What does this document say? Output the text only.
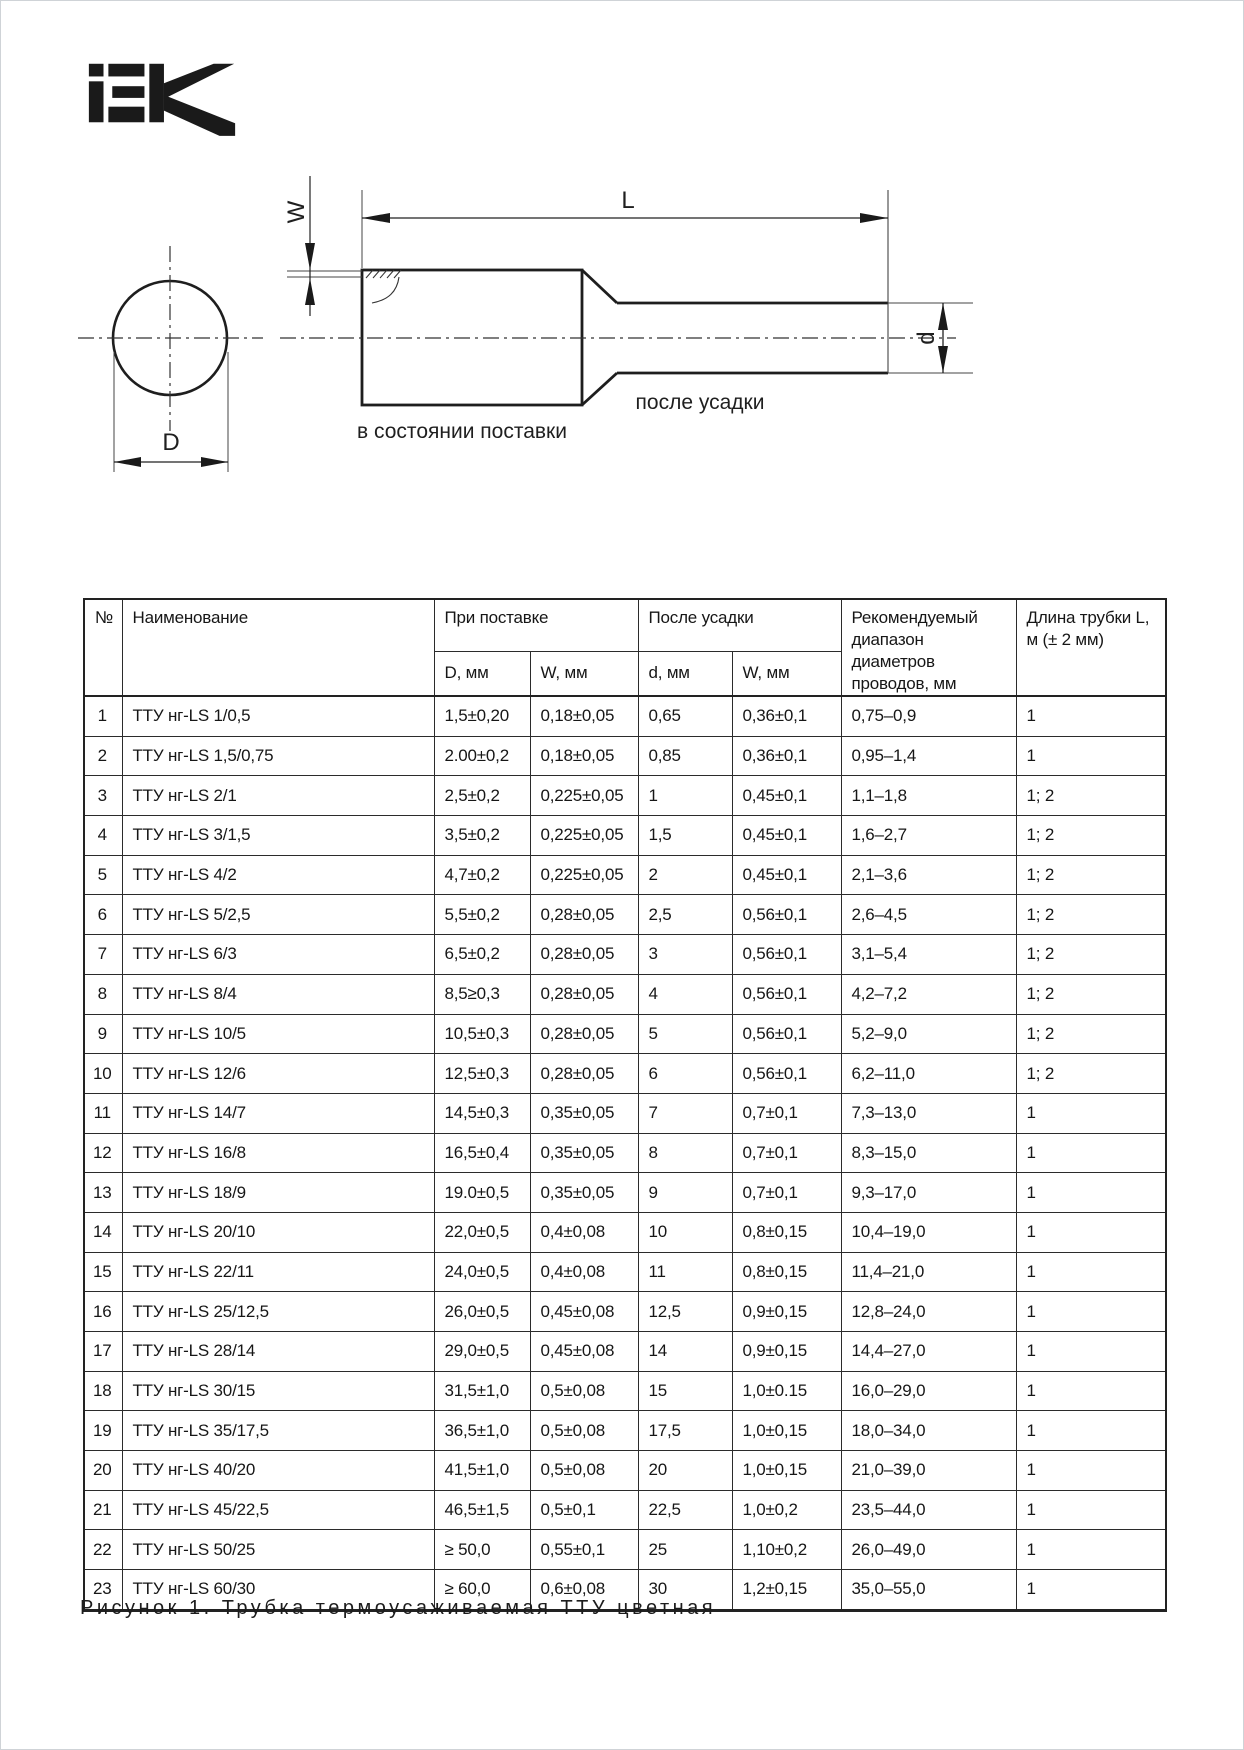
D
L
W
d
в состоянии поставки
после усадки
№	Наименование	При поставке		После усадки		Рекомендуемый диапазон диаметров проводов, мм	Длина трубки L, м (± 2 мм)
		D, мм	W, мм	d, мм	W, мм		
1	ТТУ нг-LS 1/0,5	1,5±0,20	0,18±0,05	0,65	0,36±0,1	0,75–0,9	1
2	ТТУ нг-LS 1,5/0,75	2.00±0,2	0,18±0,05	0,85	0,36±0,1	0,95–1,4	1
3	ТТУ нг-LS 2/1	2,5±0,2	0,225±0,05	1	0,45±0,1	1,1–1,8	1; 2
4	ТТУ нг-LS 3/1,5	3,5±0,2	0,225±0,05	1,5	0,45±0,1	1,6–2,7	1; 2
5	ТТУ нг-LS 4/2	4,7±0,2	0,225±0,05	2	0,45±0,1	2,1–3,6	1; 2
6	ТТУ нг-LS 5/2,5	5,5±0,2	0,28±0,05	2,5	0,56±0,1	2,6–4,5	1; 2
7	ТТУ нг-LS 6/3	6,5±0,2	0,28±0,05	3	0,56±0,1	3,1–5,4	1; 2
8	ТТУ нг-LS 8/4	8,5≥0,3	0,28±0,05	4	0,56±0,1	4,2–7,2	1; 2
9	ТТУ нг-LS 10/5	10,5±0,3	0,28±0,05	5	0,56±0,1	5,2–9,0	1; 2
10	ТТУ нг-LS 12/6	12,5±0,3	0,28±0,05	6	0,56±0,1	6,2–11,0	1; 2
11	ТТУ нг-LS 14/7	14,5±0,3	0,35±0,05	7	0,7±0,1	7,3–13,0	1
12	ТТУ нг-LS 16/8	16,5±0,4	0,35±0,05	8	0,7±0,1	8,3–15,0	1
13	ТТУ нг-LS 18/9	19.0±0,5	0,35±0,05	9	0,7±0,1	9,3–17,0	1
14	ТТУ нг-LS 20/10	22,0±0,5	0,4±0,08	10	0,8±0,15	10,4–19,0	1
15	ТТУ нг-LS 22/11	24,0±0,5	0,4±0,08	11	0,8±0,15	11,4–21,0	1
16	ТТУ нг-LS 25/12,5	26,0±0,5	0,45±0,08	12,5	0,9±0,15	12,8–24,0	1
17	ТТУ нг-LS 28/14	29,0±0,5	0,45±0,08	14	0,9±0,15	14,4–27,0	1
18	ТТУ нг-LS 30/15	31,5±1,0	0,5±0,08	15	1,0±0.15	16,0–29,0	1
19	ТТУ нг-LS 35/17,5	36,5±1,0	0,5±0,08	17,5	1,0±0,15	18,0–34,0	1
20	ТТУ нг-LS 40/20	41,5±1,0	0,5±0,08	20	1,0±0,15	21,0–39,0	1
21	ТТУ нг-LS 45/22,5	46,5±1,5	0,5±0,1	22,5	1,0±0,2	23,5–44,0	1
22	ТТУ нг-LS 50/25	≥ 50,0	0,55±0,1	25	1,10±0,2	26,0–49,0	1
23	ТТУ нг-LS 60/30	≥ 60,0	0,6±0,08	30	1,2±0,15	35,0–55,0	1
Рисунок 1. Трубка термоусаживаемая ТТУ цветная
